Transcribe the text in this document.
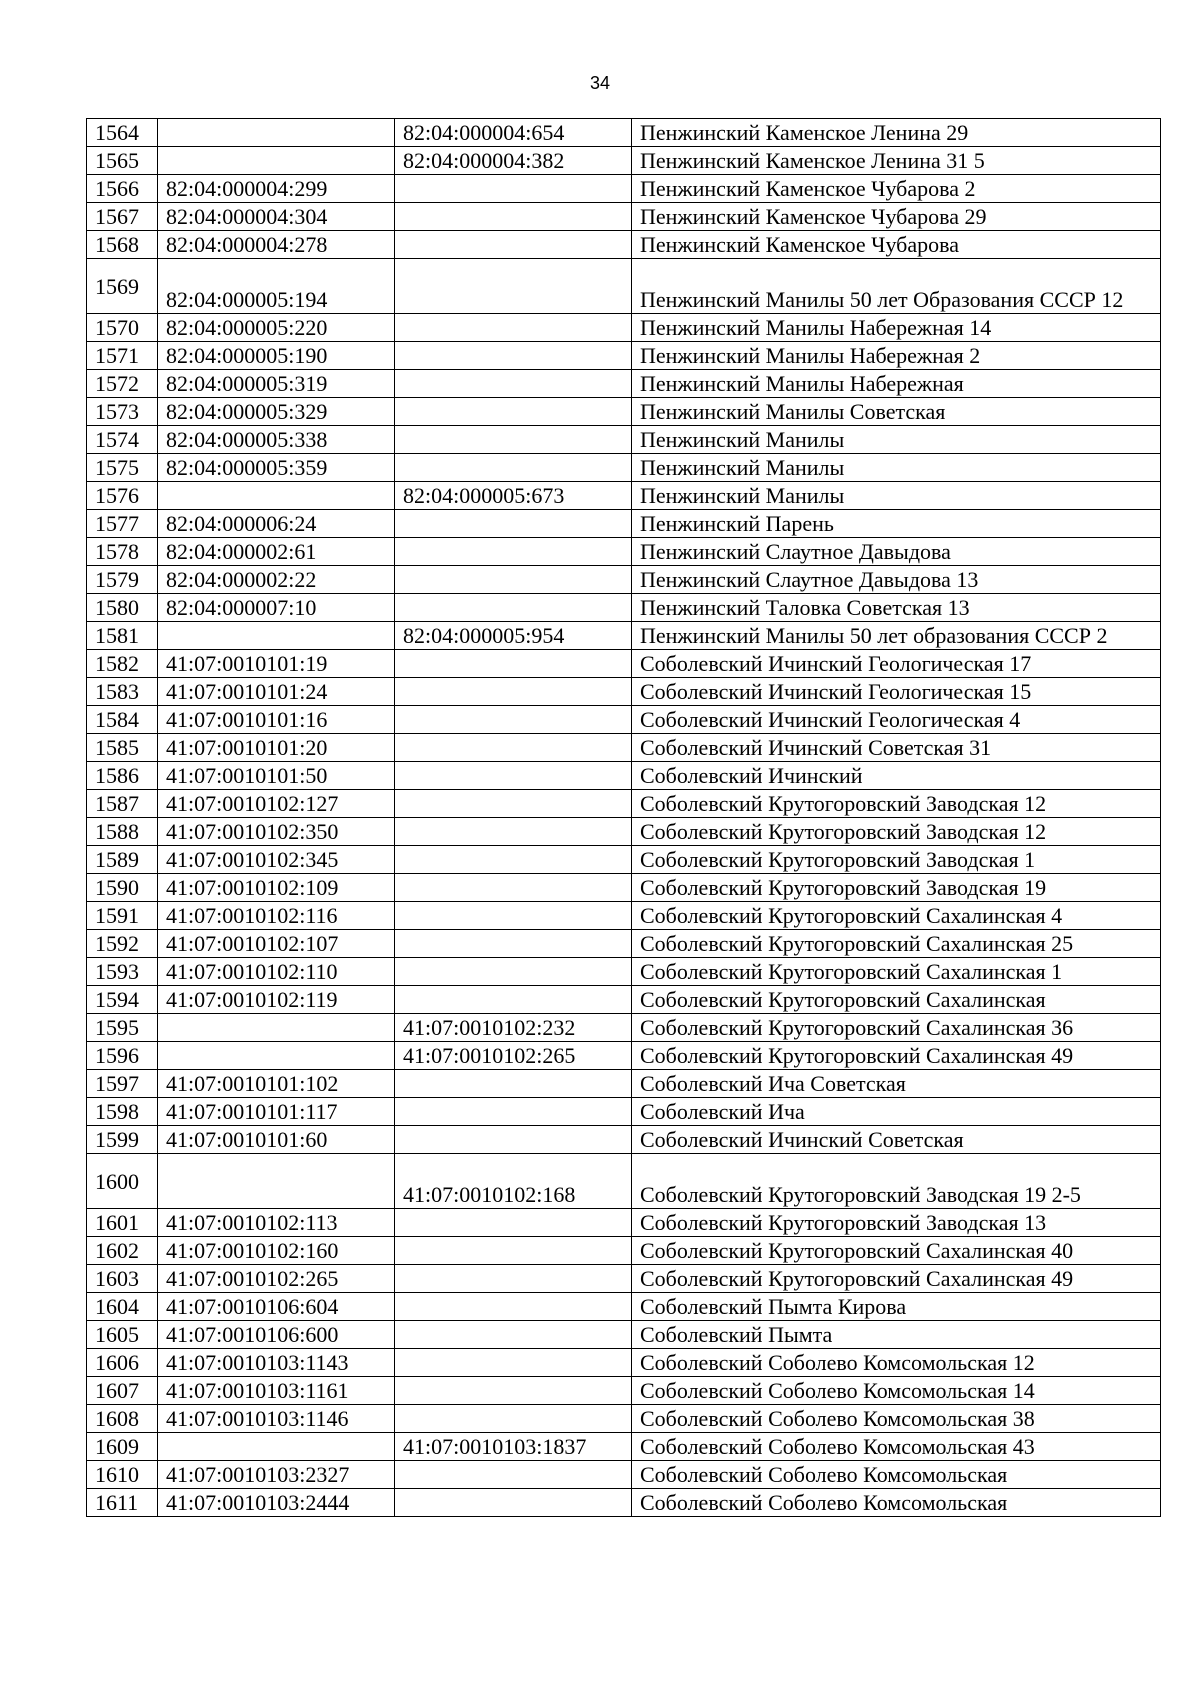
34
1564		82:04:000004:654	Пенжинский Каменское Ленина 29
1565		82:04:000004:382	Пенжинский Каменское Ленина 31 5
1566	82:04:000004:299		Пенжинский Каменское Чубарова 2
1567	82:04:000004:304		Пенжинский Каменское Чубарова 29
1568	82:04:000004:278		Пенжинский Каменское Чубарова
1569	82:04:000005:194		Пенжинский Манилы 50 лет Образования СССР 12
1570	82:04:000005:220		Пенжинский Манилы Набережная 14
1571	82:04:000005:190		Пенжинский Манилы Набережная 2
1572	82:04:000005:319		Пенжинский Манилы Набережная
1573	82:04:000005:329		Пенжинский Манилы Советская
1574	82:04:000005:338		Пенжинский Манилы
1575	82:04:000005:359		Пенжинский Манилы
1576		82:04:000005:673	Пенжинский Манилы
1577	82:04:000006:24		Пенжинский Парень
1578	82:04:000002:61		Пенжинский Слаутное Давыдова
1579	82:04:000002:22		Пенжинский Слаутное Давыдова 13
1580	82:04:000007:10		Пенжинский Таловка Советская 13
1581		82:04:000005:954	Пенжинский Манилы 50 лет образования СССР 2
1582	41:07:0010101:19		Соболевский Ичинский Геологическая 17
1583	41:07:0010101:24		Соболевский Ичинский Геологическая 15
1584	41:07:0010101:16		Соболевский Ичинский Геологическая 4
1585	41:07:0010101:20		Соболевский Ичинский Советская 31
1586	41:07:0010101:50		Соболевский Ичинский
1587	41:07:0010102:127		Соболевский Крутогоровский Заводская 12
1588	41:07:0010102:350		Соболевский Крутогоровский Заводская 12
1589	41:07:0010102:345		Соболевский Крутогоровский Заводская 1
1590	41:07:0010102:109		Соболевский Крутогоровский Заводская 19
1591	41:07:0010102:116		Соболевский Крутогоровский Сахалинская 4
1592	41:07:0010102:107		Соболевский Крутогоровский Сахалинская 25
1593	41:07:0010102:110		Соболевский Крутогоровский Сахалинская 1
1594	41:07:0010102:119		Соболевский Крутогоровский Сахалинская
1595		41:07:0010102:232	Соболевский Крутогоровский Сахалинская 36
1596		41:07:0010102:265	Соболевский Крутогоровский Сахалинская 49
1597	41:07:0010101:102		Соболевский Ича Советская
1598	41:07:0010101:117		Соболевский Ича
1599	41:07:0010101:60		Соболевский Ичинский Советская
1600		41:07:0010102:168	Соболевский Крутогоровский Заводская 19 2-5
1601	41:07:0010102:113		Соболевский Крутогоровский Заводская 13
1602	41:07:0010102:160		Соболевский Крутогоровский Сахалинская 40
1603	41:07:0010102:265		Соболевский Крутогоровский Сахалинская 49
1604	41:07:0010106:604		Соболевский Пымта Кирова
1605	41:07:0010106:600		Соболевский Пымта
1606	41:07:0010103:1143		Соболевский Соболево Комсомольская 12
1607	41:07:0010103:1161		Соболевский Соболево Комсомольская 14
1608	41:07:0010103:1146		Соболевский Соболево Комсомольская 38
1609		41:07:0010103:1837	Соболевский Соболево Комсомольская 43
1610	41:07:0010103:2327		Соболевский Соболево Комсомольская
1611	41:07:0010103:2444		Соболевский Соболево Комсомольская
